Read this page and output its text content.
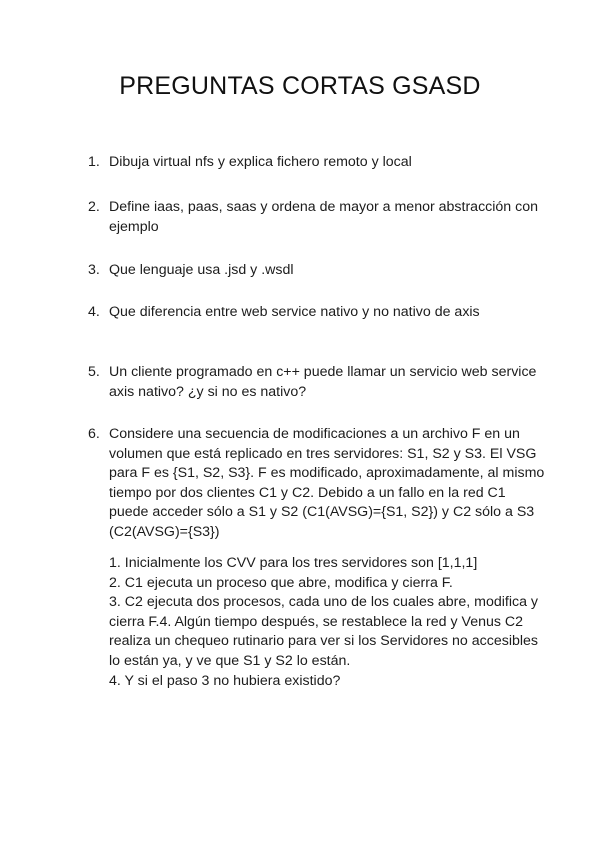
PREGUNTAS CORTAS GSASD
1. Dibuja virtual nfs y explica fichero remoto y local
2. Define iaas, paas, saas y ordena de mayor a menor abstracción con ejemplo
3. Que lenguaje usa .jsd y .wsdl
4. Que diferencia entre web service nativo y no nativo de axis
5. Un cliente programado en c++ puede llamar un servicio web service axis nativo? ¿y si no es nativo?
6. Considere una secuencia de modificaciones a un archivo F en un volumen que está replicado en tres servidores: S1, S2 y S3. El VSG para F es {S1, S2, S3}. F es modificado, aproximadamente, al mismo tiempo por dos clientes C1 y C2. Debido a un fallo en la red C1 puede acceder sólo a S1 y S2 (C1(AVSG)={S1, S2}) y C2 sólo a S3 (C2(AVSG)={S3})
1. Inicialmente los CVV para los tres servidores son [1,1,1]
2. C1 ejecuta un proceso que abre, modifica y cierra F.
3. C2 ejecuta dos procesos, cada uno de los cuales abre, modifica y cierra F.4. Algún tiempo después, se restablece la red y Venus C2 realiza un chequeo rutinario para ver si los Servidores no accesibles lo están ya, y ve que S1 y S2 lo están.
4. Y si el paso 3 no hubiera existido?
